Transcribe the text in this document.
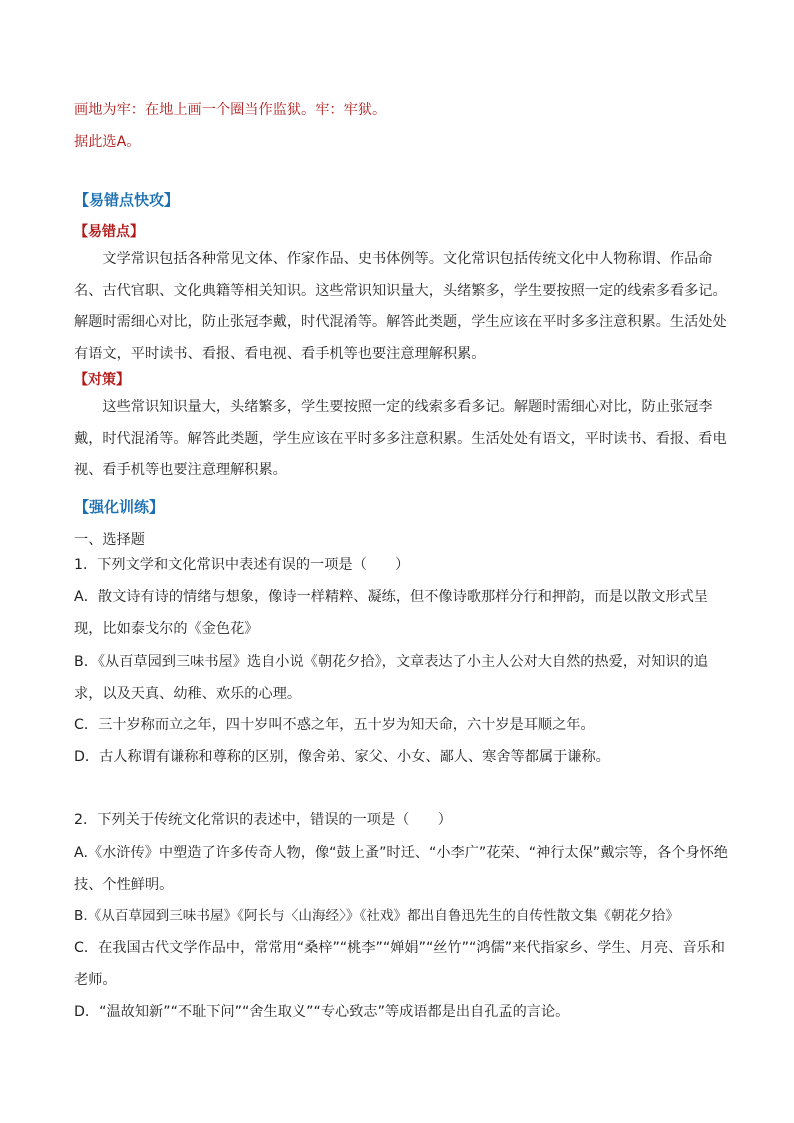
画地为牢：在地上画一个圈当作监狱。牢：牢狱。
据此选A。
【易错点快攻】
【易错点】

文学常识包括各种常见文体、作家作品、史书体例等。文化常识包括传统文化中人物称谓、作品命名、古代官职、文化典籍等相关知识。这些常识知识量大，头绪繁多，学生要按照一定的线索多看多记。解题时需细心对比，防止张冠李戴，时代混淆等。解答此类题，学生应该在平时多多注意积累。生活处处有语文，平时读书、看报、看电视、看手机等也要注意理解积累。

【对策】

这些常识知识量大，头绪繁多，学生要按照一定的线索多看多记。解题时需细心对比，防止张冠李戴，时代混淆等。解答此类题，学生应该在平时多多注意积累。生活处处有语文，平时读书、看报、看电视、看手机等也要注意理解积累。

【强化训练】
一、选择题
1．下列文学和文化常识中表述有误的一项是（　　）

A．散文诗有诗的情绪与想象，像诗一样精粹、凝练，但不像诗歌那样分行和押韵，而是以散文形式呈现，比如泰戈尔的《金色花》

B．《从百草园到三味书屋》选自小说《朝花夕拾》，文章表达了小主人公对大自然的热爱，对知识的追求，以及天真、幼稚、欢乐的心理。

C．三十岁称而立之年，四十岁叫不惑之年，五十岁为知天命，六十岁是耳顺之年。
D．古人称谓有谦称和尊称的区别，像舍弟、家父、小女、鄙人、寒舍等都属于谦称。
2．下列关于传统文化常识的表述中，错误的一项是（　　）

A.《水浒传》中塑造了许多传奇人物，像“鼓上蚤”时迁、“小李广”花荣、“神行太保”戴宗等，各个身怀绝技、个性鲜明。

B.《从百草园到三味书屋》《阿长与〈山海经〉》《社戏》都出自鲁迅先生的自传性散文集《朝花夕拾》

C．在我国古代文学作品中，常常用“桑梓”“桃李”“婵娟”“丝竹”“鸿儒”来代指家乡、学生、月亮、音乐和老师。

D．“温故知新”“不耻下问”“舍生取义”“专心致志”等成语都是出自孔孟的言论。
